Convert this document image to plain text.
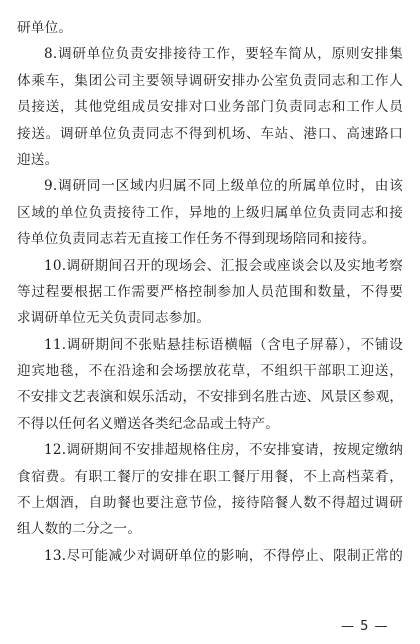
研单位。
8.调研单位负责安排接待工作，要轻车简从，原则安排集
体乘车，集团公司主要领导调研安排办公室负责同志和工作人
员接送，其他党组成员安排对口业务部门负责同志和工作人员
接送。调研单位负责同志不得到机场、车站、港口、高速路口
迎送。
9.调研同一区域内归属不同上级单位的所属单位时，由该
区域的单位负责接待工作，异地的上级归属单位负责同志和接
待单位负责同志若无直接工作任务不得到现场陪同和接待。
10.调研期间召开的现场会、汇报会或座谈会以及实地考察
等过程要根据工作需要严格控制参加人员范围和数量，不得要
求调研单位无关负责同志参加。
11.调研期间不张贴悬挂标语横幅（含电子屏幕），不铺设
迎宾地毯，不在沿途和会场摆放花草，不组织干部职工迎送，
不安排文艺表演和娱乐活动，不安排到名胜古迹、风景区参观，
不得以任何名义赠送各类纪念品或土特产。
12.调研期间不安排超规格住房，不安排宴请，按规定缴纳
食宿费。有职工餐厅的安排在职工餐厅用餐，不上高档菜肴，
不上烟酒，自助餐也要注意节俭，接待陪餐人数不得超过调研
组人数的二分之一。
13.尽可能减少对调研单位的影响，不得停止、限制正常的
— 5 —
